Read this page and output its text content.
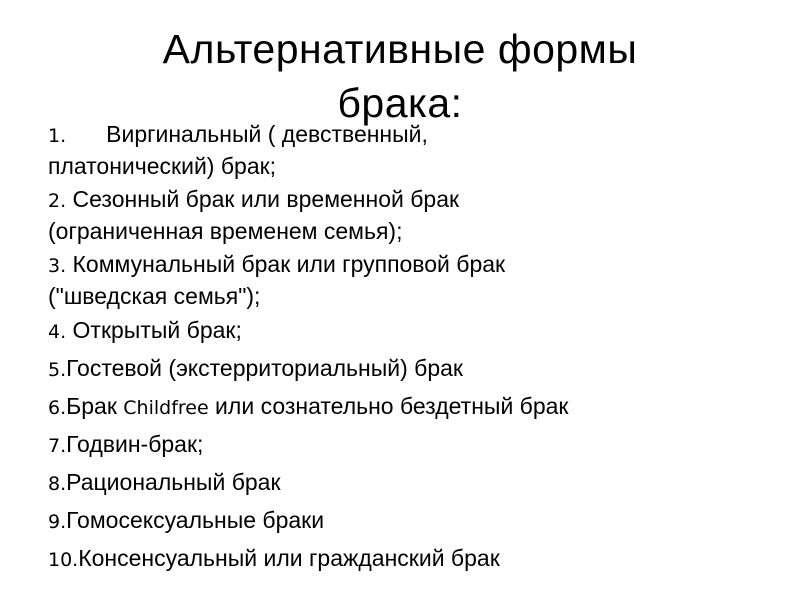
Альтернативные формы
брака:
1. Виргинальный ( девственный,
платонический) брак;
2. Сезонный брак или временной брак
(ограниченная временем семья);
3. Коммунальный брак или групповой брак
("шведская семья");
4. Открытый брак;
5.Гостевой (экстерриториальный) брак
6.Брак Childfree или сознательно бездетный брак
7.Годвин-брак;
8.Рациональный брак
9.Гомосексуальные браки
10.Консенсуальный или гражданский брак
